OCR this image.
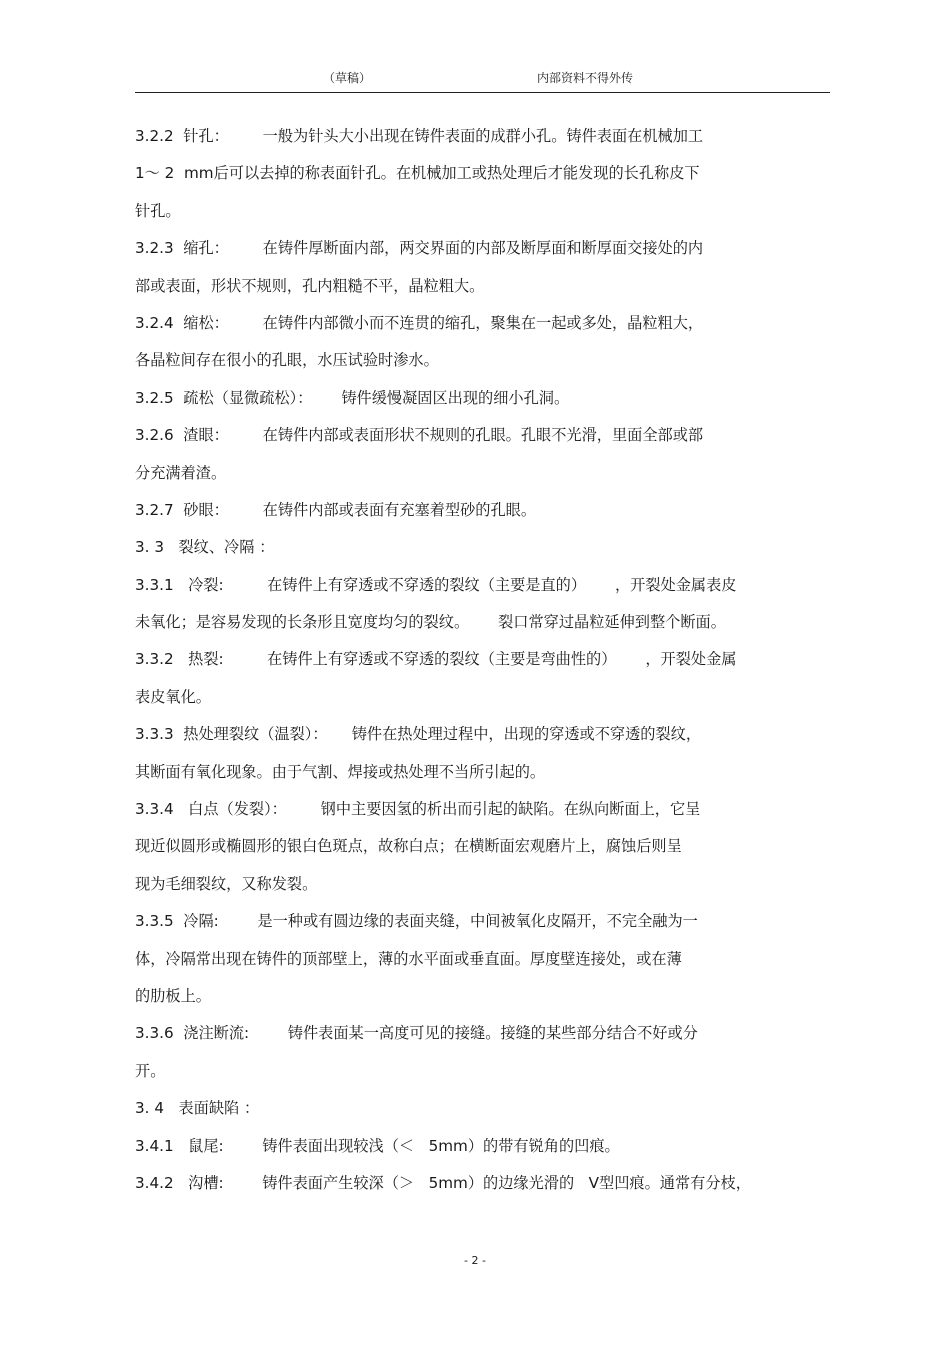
（草稿）	内部资料不得外传
3.2.2  针孔：       一般为针头大小出现在铸件表面的成群小孔。铸件表面在机械加工
1～ 2  mm后可以去掉的称表面针孔。在机械加工或热处理后才能发现的长孔称皮下
针孔。
3.2.3  缩孔：       在铸件厚断面内部，两交界面的内部及断厚面和断厚面交接处的内
部或表面，形状不规则，孔内粗糙不平，晶粒粗大。
3.2.4  缩松：       在铸件内部微小而不连贯的缩孔，聚集在一起或多处，晶粒粗大，
各晶粒间存在很小的孔眼，水压试验时渗水。
3.2.5  疏松（显微疏松）：      铸件缓慢凝固区出现的细小孔洞。
3.2.6  渣眼：       在铸件内部或表面形状不规则的孔眼。孔眼不光滑，里面全部或部
分充满着渣。
3.2.7  砂眼：       在铸件内部或表面有充塞着型砂的孔眼。
3. 3   裂纹、冷隔 ：
3.3.1   冷裂:         在铸件上有穿透或不穿透的裂纹（主要是直的）      ，开裂处金属表皮
未氧化；是容易发现的长条形且宽度均匀的裂纹。      裂口常穿过晶粒延伸到整个断面。
3.3.2   热裂:         在铸件上有穿透或不穿透的裂纹（主要是弯曲性的）      ，开裂处金属
表皮氧化。
3.3.3  热处理裂纹（温裂）：     铸件在热处理过程中，出现的穿透或不穿透的裂纹，
其断面有氧化现象。由于气割、焊接或热处理不当所引起的。
3.3.4   白点（发裂）：       钢中主要因氢的析出而引起的缺陷。在纵向断面上，它呈
现近似圆形或椭圆形的银白色斑点，故称白点；在横断面宏观磨片上，腐蚀后则呈
现为毛细裂纹，又称发裂。
3.3.5  冷隔:        是一种或有圆边缘的表面夹缝，中间被氧化皮隔开，不完全融为一
体，冷隔常出现在铸件的顶部壁上，薄的水平面或垂直面。厚度壁连接处，或在薄
的肋板上。
3.3.6  浇注断流:        铸件表面某一高度可见的接缝。接缝的某些部分结合不好或分
开。
3. 4   表面缺陷 ：
3.4.1   鼠尾:        铸件表面出现较浅（＜   5mm）的带有锐角的凹痕。
3.4.2   沟槽:        铸件表面产生较深（＞   5mm）的边缘光滑的   V型凹痕。通常有分枝，
- 2 -
